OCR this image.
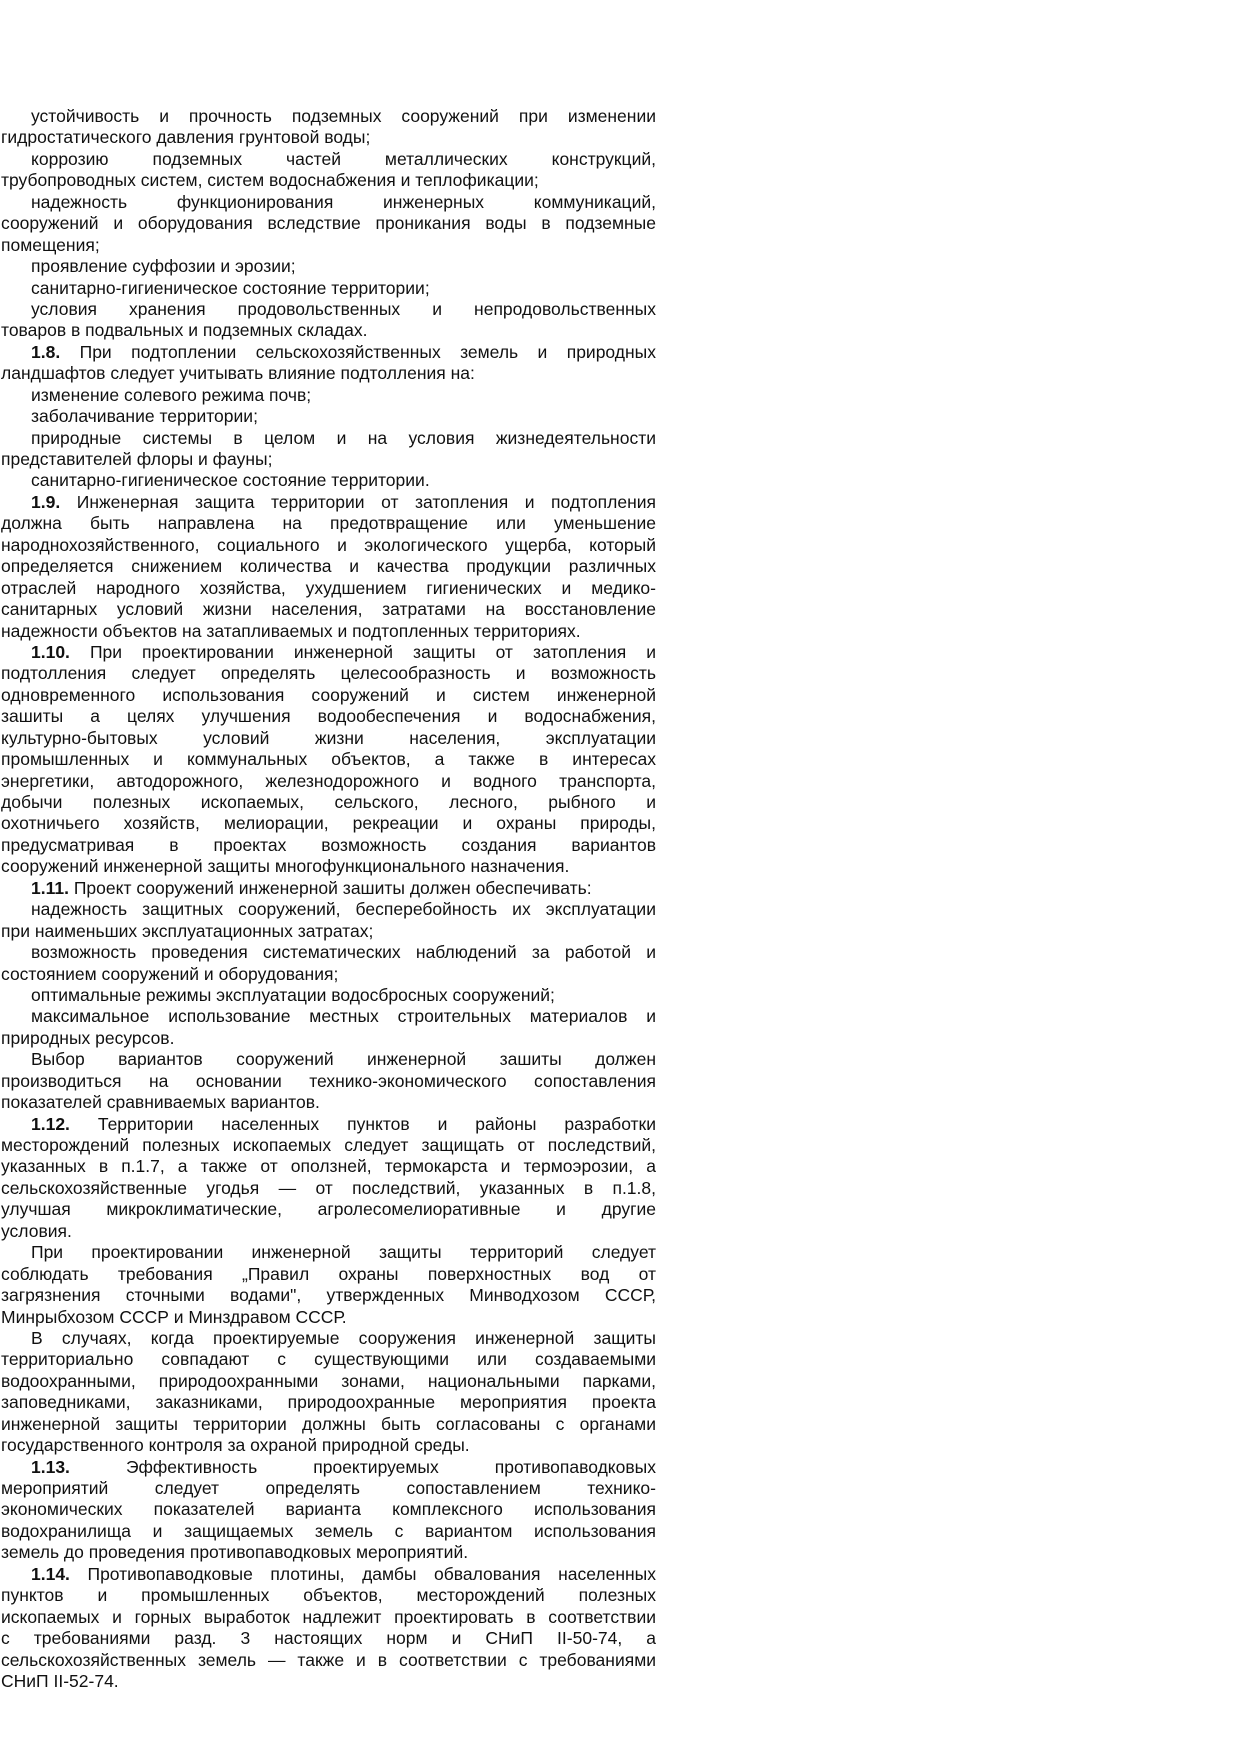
устойчивость и прочность подземных сооружений при изменении
гидростатического давления грунтовой воды;
коррозию подземных частей металлических конструкций,
трубопроводных систем, систем водоснабжения и теплофикации;
надежность функционирования инженерных коммуникаций,
сооружений и оборудования вследствие проникания воды в подземные
помещения;
проявление суффозии и эрозии;
санитарно-гигиеническое состояние территории;
условия хранения продовольственных и непродовольственных
товаров в подвальных и подземных складах.
1.8. При подтоплении сельскохозяйственных земель и природных
ландшафтов следует учитывать влияние подтолления на:
изменение солевого режима почв;
заболачивание территории;
природные системы в целом и на условия жизнедеятельности
представителей флоры и фауны;
санитарно-гигиеническое состояние территории.
1.9. Инженерная защита территории от затопления и подтопления
должна быть направлена на предотвращение или уменьшение
народнохозяйственного, социального и экологического ущерба, который
определяется снижением количества и качества продукции различных
отраслей народного хозяйства, ухудшением гигиенических и медико-
санитарных условий жизни населения, затратами на восстановление
надежности объектов на затапливаемых и подтопленных территориях.
1.10. При проектировании инженерной защиты от затопления и
подтолления следует определять целесообразность и возможность
одновременного использования сооружений и систем инженерной
зашиты а целях улучшения водообеспечения и водоснабжения,
культурно-бытовых условий жизни населения, эксплуатации
промышленных и коммунальных объектов, а также в интересах
энергетики, автодорожного, железнодорожного и водного транспорта,
добычи полезных ископаемых, сельского, лесного, рыбного и
охотничьего хозяйств, мелиорации, рекреации и охраны природы,
предусматривая в проектах возможность создания вариантов
сооружений инженерной защиты многофункционального назначения.
1.11. Проект сооружений инженерной зашиты должен обеспечивать:
надежность защитных сооружений, бесперебойность их эксплуатации
при наименьших эксплуатационных затратах;
возможность проведения систематических наблюдений за работой и
состоянием сооружений и оборудования;
оптимальные режимы эксплуатации водосбросных сооружений;
максимальное использование местных строительных материалов и
природных ресурсов.
Выбор вариантов сооружений инженерной зашиты должен
производиться на основании технико-экономического сопоставления
показателей сравниваемых вариантов.
1.12. Территории населенных пунктов и районы разработки
месторождений полезных ископаемых следует защищать от последствий,
указанных в п.1.7, а также от оползней, термокарста и термоэрозии, а
сельскохозяйственные угодья — от последствий, указанных в п.1.8,
улучшая микроклиматические, агролесомелиоративные и другие
условия.
При проектировании инженерной защиты территорий следует
соблюдать требования „Правил охраны поверхностных вод от
загрязнения сточными водами", утвержденных Минводхозом СССР,
Минрыбхозом СССР и Минздравом СССР.
В случаях, когда проектируемые сооружения инженерной защиты
территориально совпадают с существующими или создаваемыми
водоохранными, природоохранными зонами, национальными парками,
заповедниками, заказниками, природоохранные мероприятия проекта
инженерной защиты территории должны быть согласованы с органами
государственного контроля за охраной природной среды.
1.13.	Эффективность проектируемых противопаводковых
мероприятий следует определять сопоставлением технико-
экономических показателей варианта комплексного использования
водохранилища и защищаемых земель с вариантом использования
земель до проведения противопаводковых мероприятий.
1.14. Противопаводковые плотины, дамбы обвалования населенных
пунктов и промышленных объектов, месторождений полезных
ископаемых и горных выработок надлежит проектировать в соответствии
с требованиями разд. 3 настоящих норм и СНиП II-50-74, а
сельскохозяйственных земель — также и в соответствии с требованиями
СНиП II-52-74.
